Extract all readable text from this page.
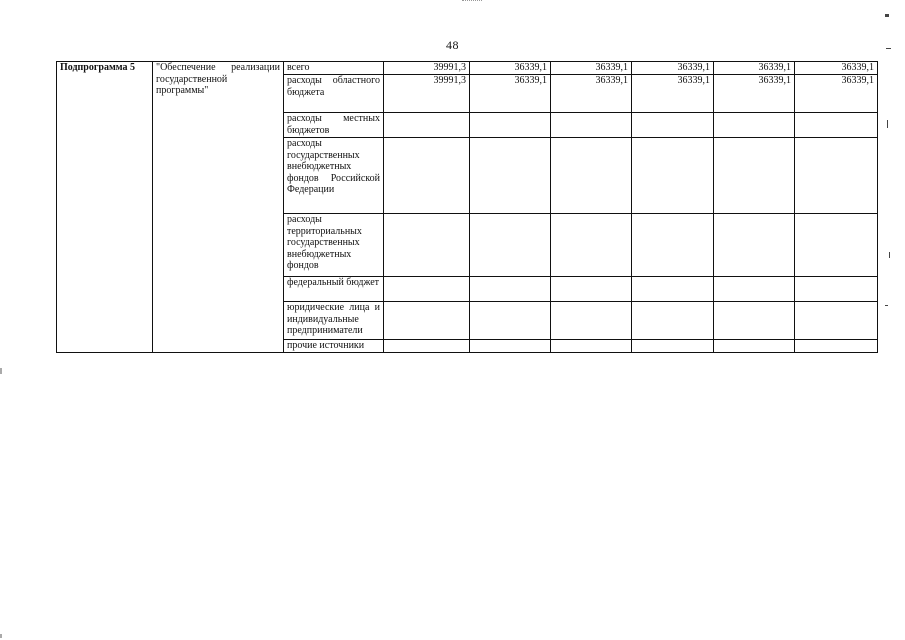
48
Подпрограмма 5	"Обеспечение реализации государственной программы"	всего	39991,3	36339,1	36339,1	36339,1	36339,1	36339,1
		расходы областного бюджета	39991,3	36339,1	36339,1	36339,1	36339,1	36339,1
		расходы местных бюджетов						
		расходы государственных внебюджетных фондов Российской Федерации						
		расходы территориальных государственных внебюджетных фондов						
		федеральный бюджет						
		юридические лица и индивидуальные предприниматели						
		прочие источники						
